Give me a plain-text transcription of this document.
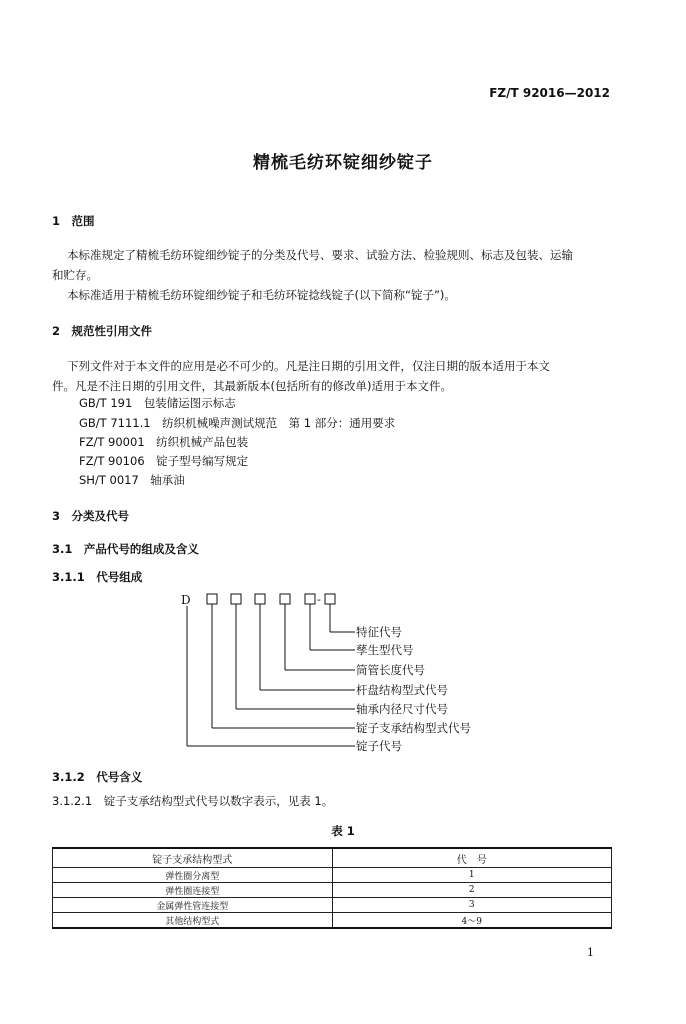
FZ/T 92016—2012
精梳毛纺环锭细纱锭子
1　范围
本标准规定了精梳毛纺环锭细纱锭子的分类及代号、要求、试验方法、检验规则、标志及包装、运输
和贮存。
本标准适用于精梳毛纺环锭细纱锭子和毛纺环锭捻线锭子(以下简称“锭子”)。
2　规范性引用文件
下列文件对于本文件的应用是必不可少的。凡是注日期的引用文件，仅注日期的版本适用于本文
件。凡是不注日期的引用文件，其最新版本(包括所有的修改单)适用于本文件。
GB/T 191　包装储运图示标志
GB/T 7111.1　纺织机械噪声测试规范　第 1 部分：通用要求
FZ/T 90001　纺织机械产品包装
FZ/T 90106　锭子型号编写规定
SH/T 0017　轴承油
3　分类及代号
3.1　产品代号的组成及含义
3.1.1　代号组成
D	-
特征代号
孳生型代号
筒管长度代号
杆盘结构型式代号
轴承内径尺寸代号
锭子支承结构型式代号
锭子代号
3.1.2　代号含义
3.1.2.1　锭子支承结构型式代号以数字表示，见表 1。
表 1
锭子支承结构型式	代　号
弹性圈分离型	1
弹性圈连接型	2
金属弹性管连接型	3
其他结构型式	4～9
1
